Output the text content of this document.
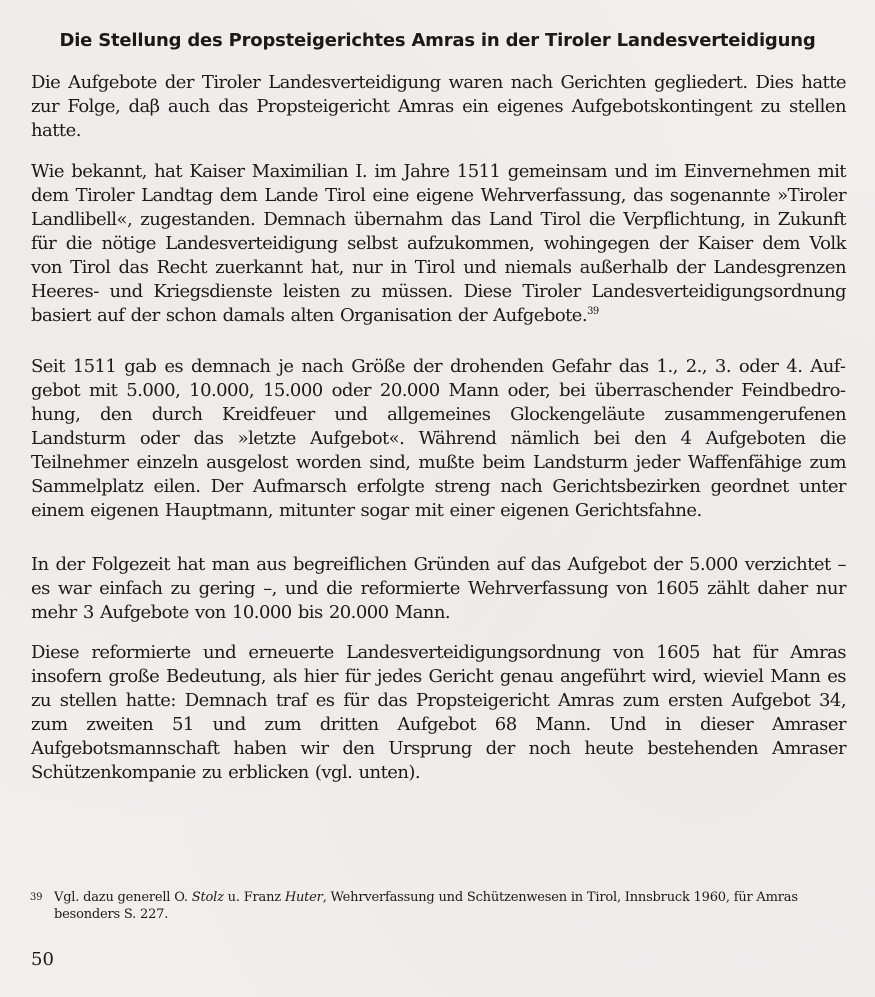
Die Stellung des Propsteigerichtes Amras in der Tiroler Landesverteidigung

Die Aufgebote der Tiroler Landesverteidigung waren nach Gerichten gegliedert. Dies hatte zur Folge, daβ auch das Propsteigericht Amras ein eigenes Aufgebotskontingent zu stellen hatte.

Wie bekannt, hat Kaiser Maximilian I. im Jahre 1511 gemeinsam und im Einvernehmen mit dem Tiroler Landtag dem Lande Tirol eine eigene Wehrverfassung, das sogenannte »Tiroler Landlibell«, zugestanden. Demnach übernahm das Land Tirol die Verpflichtung, in Zukunft für die nötige Landesverteidigung selbst aufzukommen, wohingegen der Kaiser dem Volk von Tirol das Recht zuerkannt hat, nur in Tirol und niemals außerhalb der Landesgrenzen Heeres- und Kriegsdienste leisten zu müssen. Diese Tiroler Landesverteidigungsordnung basiert auf der schon damals alten Organisation der Aufgebote.$^{39}$

Seit 1511 gab es demnach je nach Größe der drohenden Gefahr das 1., 2., 3. oder 4. Aufgebot mit 5.000, 10.000, 15.000 oder 20.000 Mann oder, bei überraschender Feindbedrohung, den durch Kreidfeuer und allgemeines Glockengeläute zusammengerufenen Landsturm oder das »letzte Aufgebot«. Während nämlich bei den 4 Aufgeboten die Teilnehmer einzeln ausgelost worden sind, mußte beim Landsturm jeder Waffenfähige zum Sammelplatz eilen. Der Aufmarsch erfolgte streng nach Gerichtsbezirken geordnet unter einem eigenen Hauptmann, mitunter sogar mit einer eigenen Gerichtsfahne.

In der Folgezeit hat man aus begreiflichen Gründen auf das Aufgebot der 5.000 verzichtet – es war einfach zu gering –, und die reformierte Wehrverfassung von 1605 zählt daher nur mehr 3 Aufgebote von 10.000 bis 20.000 Mann.

Diese reformierte und erneuerte Landesverteidigungsordnung von 1605 hat für Amras insofern große Bedeutung, als hier für jedes Gericht genau angeführt wird, wieviel Mann es zu stellen hatte: Demnach traf es für das Propsteigericht Amras zum ersten Aufgebot 34, zum zweiten 51 und zum dritten Aufgebot 68 Mann. Und in dieser Amraser Aufgebotsmannschaft haben wir den Ursprung der noch heute bestehenden Amraser Schützenkompanie zu erblicken (vgl. unten).

39 Vgl. dazu generell O. Stolz u. Franz Huter, Wehrverfassung und Schützenwesen in Tirol, Innsbruck 1960, für Amras besonders S. 227.
50
